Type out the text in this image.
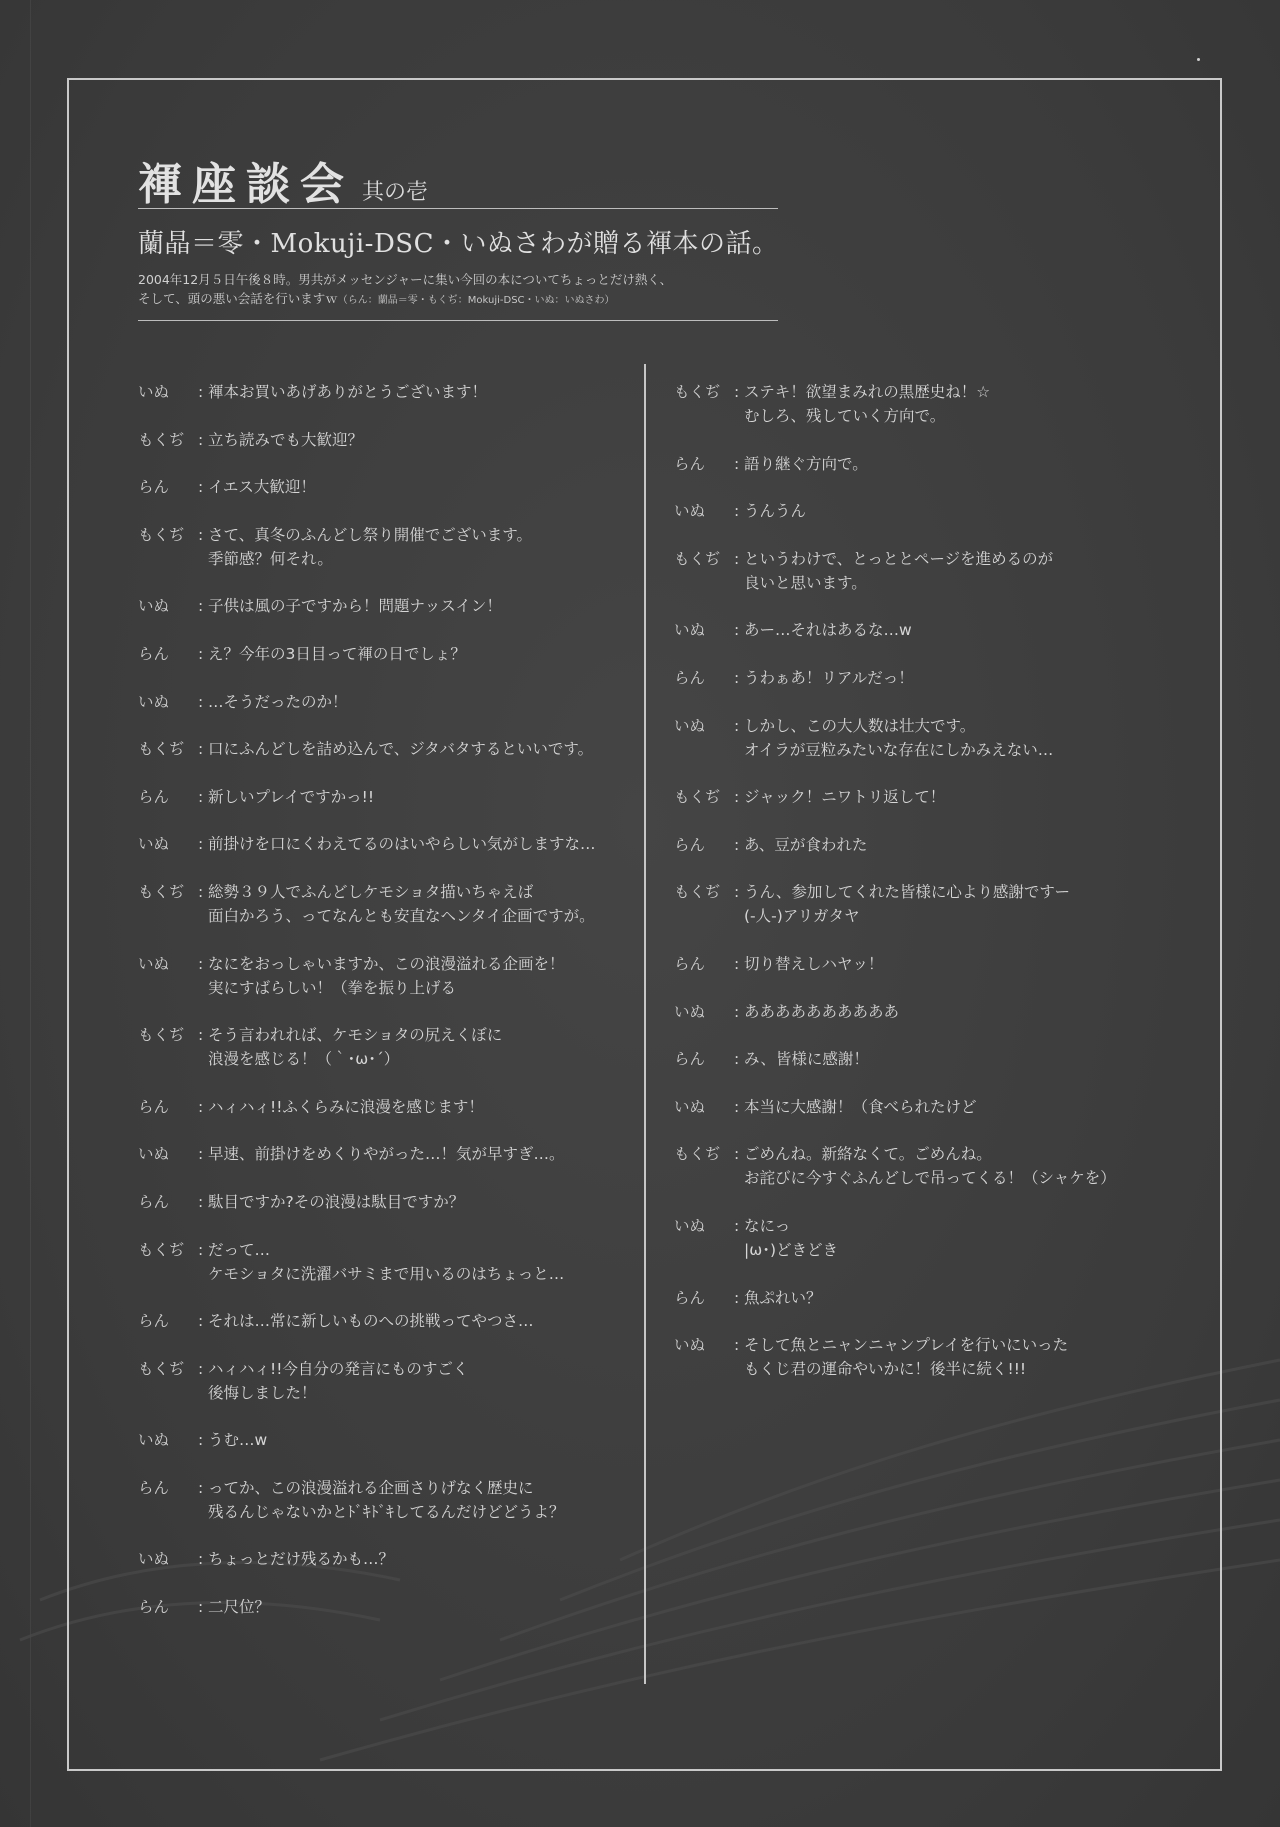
褌座談会 其の壱
蘭晶＝零・Mokuji-DSC・いぬさわが贈る褌本の話。
2004年12月５日午後８時。男共がメッセンジャーに集い今回の本についてちょっとだけ熱く、
そして、頭の悪い会話を行いますｗ（らん：蘭晶＝零・もくぢ：Mokuji-DSC・いぬ：いぬさわ）
いぬ	: 褌本お買いあげありがとうございます！
もくぢ : 立ち読みでも大歓迎？
らん	: イエス大歓迎！
もくぢ : さて、真冬のふんどし祭り開催でございます。
季節感？何それ。
いぬ	: 子供は風の子ですから！問題ナッスイン！
らん	: え？今年の3日目って褌の日でしょ？
いぬ	: …そうだったのか！
もくぢ : 口にふんどしを詰め込んで、ジタバタするといいです。
らん	: 新しいプレイですかっ!!
いぬ	: 前掛けを口にくわえてるのはいやらしい気がしますな…
もくぢ : 総勢３９人でふんどしケモショタ描いちゃえば
面白かろう、ってなんとも安直なヘンタイ企画ですが。
いぬ	: なにをおっしゃいますか、この浪漫溢れる企画を！
実にすばらしい！（拳を振り上げる
もくぢ : そう言われれば、ケモショタの尻えくぼに
浪漫を感じる！（｀･ω･´）
らん	: ハィハィ!!ふくらみに浪漫を感じます！
いぬ	: 早速、前掛けをめくりやがった…！気が早すぎ…。
らん	: 駄目ですか?その浪漫は駄目ですか？
もくぢ : だって…
ケモショタに洗濯バサミまで用いるのはちょっと…
らん	: それは…常に新しいものへの挑戦ってやつさ…
もくぢ : ハィハィ!!今自分の発言にものすごく
後悔しました！
いぬ	: うむ…w
らん	: ってか、この浪漫溢れる企画さりげなく歴史に
残るんじゃないかとﾄﾞｷﾄﾞｷしてるんだけどどうよ？
いぬ	: ちょっとだけ残るかも…？
らん	: 二尺位？
もくぢ : ステキ！欲望まみれの黒歴史ね！☆
むしろ、残していく方向で。
らん	: 語り継ぐ方向で。
いぬ	: うんうん
もくぢ : というわけで、とっととページを進めるのが
良いと思います。
いぬ	: あー…それはあるな…w
らん	: うわぁあ！リアルだっ！
いぬ	: しかし、この大人数は壮大です。
オイラが豆粒みたいな存在にしかみえない…
もくぢ : ジャック！ニワトリ返して！
らん	: あ、豆が食われた
もくぢ : うん、参加してくれた皆様に心より感謝ですー
(-人-)アリガタヤ
らん	: 切り替えしハヤッ！
いぬ	: ああああああああああ
らん	: み、皆様に感謝！
いぬ	: 本当に大感謝！（食べられたけど
もくぢ : ごめんね。新絡なくて。ごめんね。
お詫びに今すぐふんどしで吊ってくる！（シャケを）
いぬ	: なにっ
|ω･)どきどき
らん	: 魚ぷれい？
いぬ	: そして魚とニャンニャンプレイを行いにいった
もくじ君の運命やいかに！後半に続く!!!
